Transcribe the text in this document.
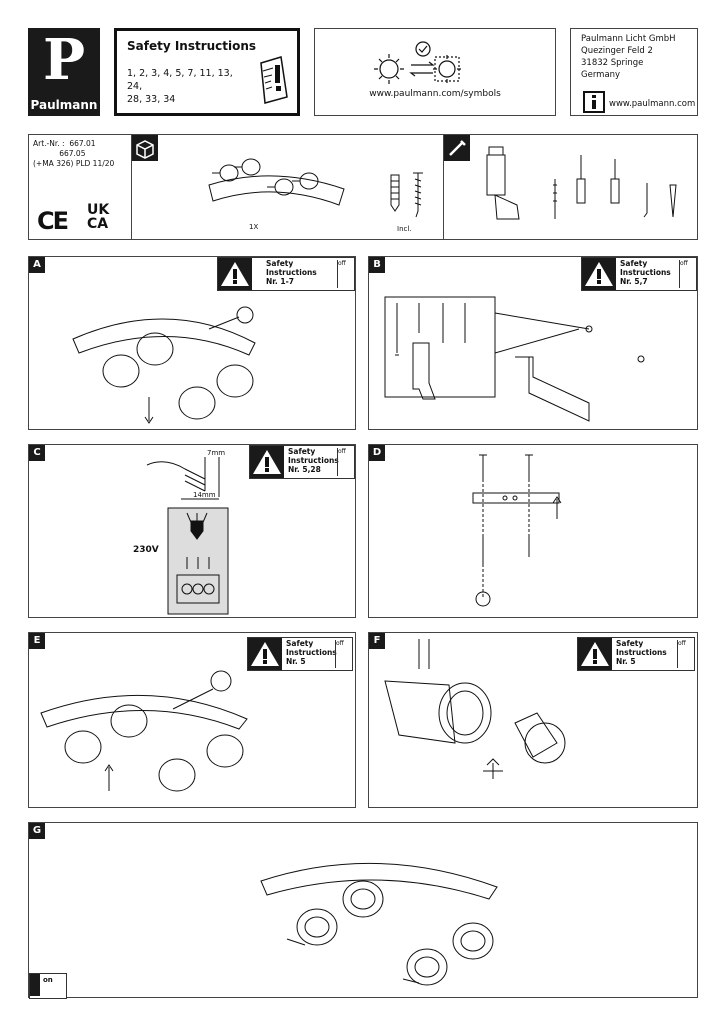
P
Paulmann
Safety Instructions
1, 2, 3, 4, 5, 7, 11, 13, 24,
28, 33, 34	www.paulmann.com/symbols
Paulmann Licht GmbH
Quezinger Feld 2
31832 Springe
Germany
www.paulmann.com
Art.-Nr. :  667.01
667.05
(+MA 326) PLD 11/20
CE UK
CA	1X	Incl.
A	Safety
Instructions
Nr. 1-7
off	B	Safety
Instructions
Nr. 5,7
off
C	Safety
Instructions
Nr. 5,28
off
7mm
14mm
230V
D
E	Safety
Instructions
Nr. 5
off	F	Safety
Instructions
Nr. 5
off
G
on
